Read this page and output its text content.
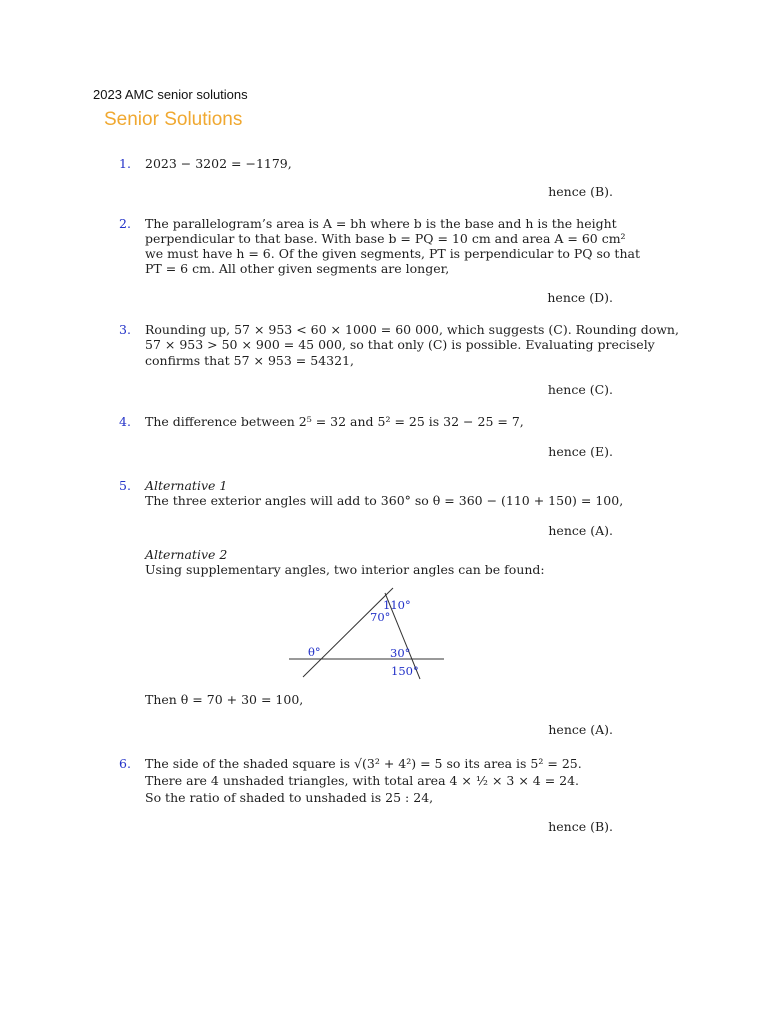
2023 AMC senior solutions
Senior Solutions
1. 2023 − 3202 = −1179,
hence (B).
2. The parallelogram’s area is A = bh where b is the base and h is the height
perpendicular to that base. With base b = PQ = 10 cm and area A = 60 cm²
we must have h = 6. Of the given segments, PT is perpendicular to PQ so that
PT = 6 cm. All other given segments are longer,
hence (D).
3. Rounding up, 57 × 953 < 60 × 1000 = 60 000, which suggests (C). Rounding down,
57 × 953 > 50 × 900 = 45 000, so that only (C) is possible. Evaluating precisely
confirms that 57 × 953 = 54321,
hence (C).
4. The difference between 2⁵ = 32 and 5² = 25 is 32 − 25 = 7,
hence (E).
5. Alternative 1
The three exterior angles will add to 360° so θ = 360 − (110 + 150) = 100,
hence (A).
Alternative 2
Using supplementary angles, two interior angles can be found:
110°
70°
θ°	30°
150°
Then θ = 70 + 30 = 100,
hence (A).
6. The side of the shaded square is √(3² + 4²) = 5 so its area is 5² = 25.
There are 4 unshaded triangles, with total area 4 × ½ × 3 × 4 = 24.
So the ratio of shaded to unshaded is 25 : 24,
hence (B).
